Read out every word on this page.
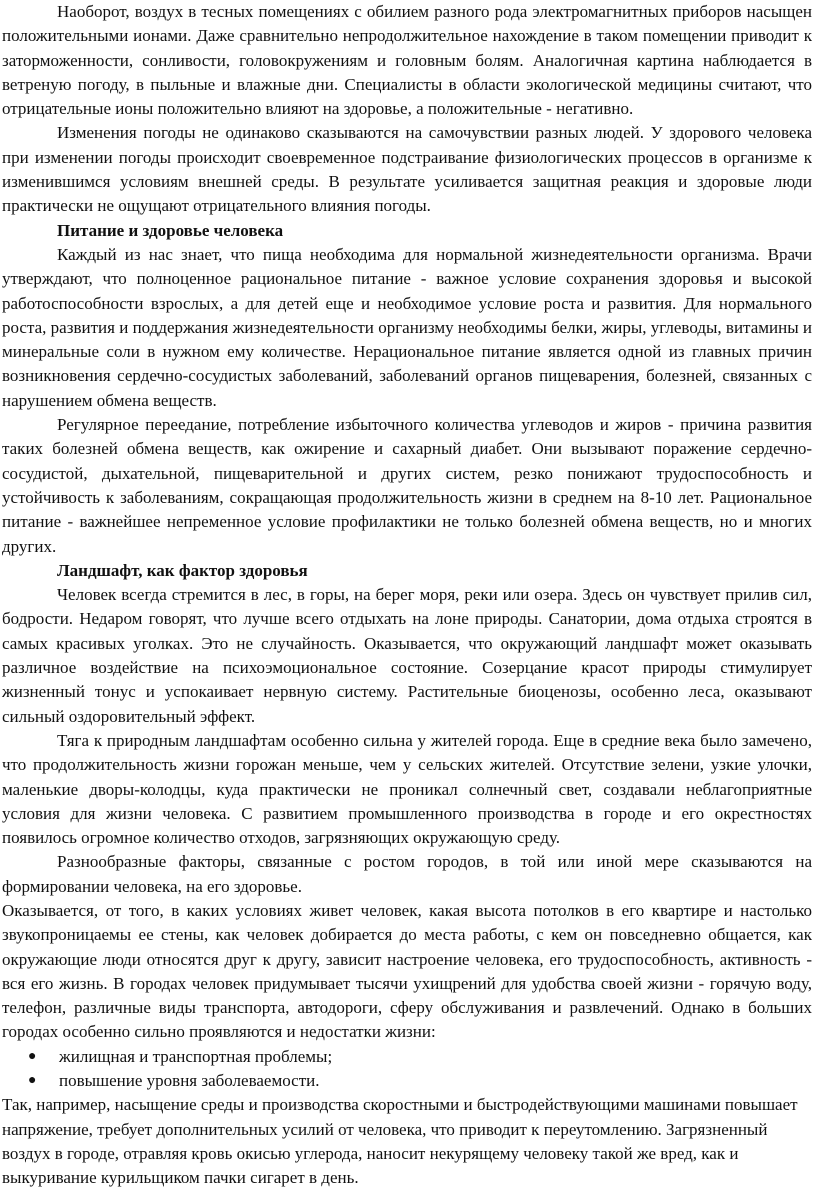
Наоборот, воздух в тесных помещениях с обилием разного рода электромагнитных приборов насыщен положительными ионами. Даже сравнительно непродолжительное нахождение в таком помещении приводит к заторможенности, сонливости, головокружениям и головным болям. Аналогичная картина наблюдается в ветреную погоду, в пыльные и влажные дни. Специалисты в области экологической медицины считают, что отрицательные ионы положительно влияют на здоровье, а положительные - негативно.

Изменения погоды не одинаково сказываются на самочувствии разных людей. У здорового человека при изменении погоды происходит своевременное подстраивание физиологических процессов в организме к изменившимся условиям внешней среды. В результате усиливается защитная реакция и здоровые люди практически не ощущают отрицательного влияния погоды.

Питание и здоровье человека

Каждый из нас знает, что пища необходима для нормальной жизнедеятельности организма. Врачи утверждают, что полноценное рациональное питание - важное условие сохранения здоровья и высокой работоспособности взрослых, а для детей еще и необходимое условие роста и развития. Для нормального роста, развития и поддержания жизнедеятельности организму необходимы белки, жиры, углеводы, витамины и минеральные соли в нужном ему количестве. Нерациональное питание является одной из главных причин возникновения сердечно-сосудистых заболеваний, заболеваний органов пищеварения, болезней, связанных с нарушением обмена веществ.

Регулярное переедание, потребление избыточного количества углеводов и жиров - причина развития таких болезней обмена веществ, как ожирение и сахарный диабет. Они вызывают поражение сердечно-сосудистой, дыхательной, пищеварительной и других систем, резко понижают трудоспособность и устойчивость к заболеваниям, сокращающая продолжительность жизни в среднем на 8-10 лет. Рациональное питание - важнейшее непременное условие профилактики не только болезней обмена веществ, но и многих других.

Ландшафт, как фактор здоровья

Человек всегда стремится в лес, в горы, на берег моря, реки или озера. Здесь он чувствует прилив сил, бодрости. Недаром говорят, что лучше всего отдыхать на лоне природы. Санатории, дома отдыха строятся в самых красивых уголках. Это не случайность. Оказывается, что окружающий ландшафт может оказывать различное воздействие на психоэмоциональное состояние. Созерцание красот природы стимулирует жизненный тонус и успокаивает нервную систему. Растительные биоценозы, особенно леса, оказывают сильный оздоровительный эффект.

Тяга к природным ландшафтам особенно сильна у жителей города. Еще в средние века было замечено, что продолжительность жизни горожан меньше, чем у сельских жителей. Отсутствие зелени, узкие улочки, маленькие дворы-колодцы, куда практически не проникал солнечный свет, создавали неблагоприятные условия для жизни человека. С развитием промышленного производства в городе и его окрестностях появилось огромное количество отходов, загрязняющих окружающую среду.

Разнообразные факторы, связанные с ростом городов, в той или иной мере сказываются на формировании человека, на его здоровье.

Оказывается, от того, в каких условиях живет человек, какая высота потолков в его квартире и настолько звукопроницаемы ее стены, как человек добирается до места работы, с кем он повседневно общается, как окружающие люди относятся друг к другу, зависит настроение человека, его трудоспособность, активность - вся его жизнь. В городах человек придумывает тысячи ухищрений для удобства своей жизни - горячую воду, телефон, различные виды транспорта, автодороги, сферу обслуживания и развлечений. Однако в больших городах особенно сильно проявляются и недостатки жизни:

● жилищная и транспортная проблемы;
● повышение уровня заболеваемости.

Так, например, насыщение среды и производства скоростными и быстродействующими машинами повышает напряжение, требует дополнительных усилий от человека, что приводит к переутомлению. Загрязненный воздух в городе, отравляя кровь окисью углерода, наносит некурящему человеку такой же вред, как и выкуривание курильщиком пачки сигарет в день.
